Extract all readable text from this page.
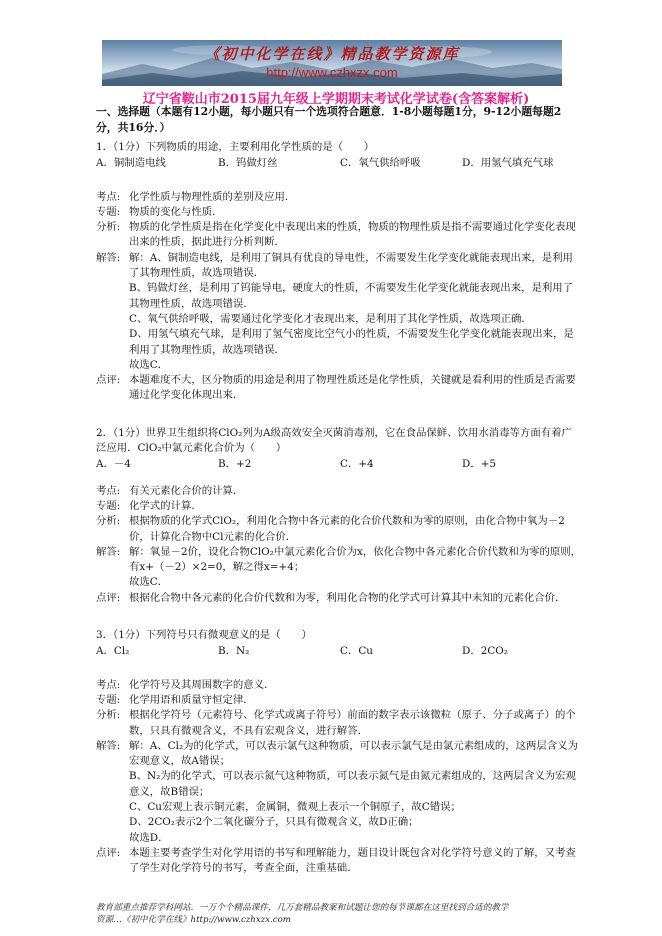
《初中化学在线》精品教学资源库
http://www.czhxzx.com
辽宁省鞍山市2015届九年级上学期期末考试化学试卷(含答案解析)
一、选择题（本题有12小题，每小题只有一个选项符合题意．1-8小题每题1分，9-12小题每题2分，共16分．）
1．（1分）下列物质的用途，主要利用化学性质的是（　　）
A．铜制造电线	B．钨做灯丝	C．氧气供给呼吸	D．用氢气填充气球
考点: 化学性质与物理性质的差别及应用．
专题: 物质的变化与性质．
分析: 物质的化学性质是指在化学变化中表现出来的性质，物质的物理性质是指不需要通过化学变化表现出来的性质，据此进行分析判断．
解答: 解：A、铜制造电线，是利用了铜具有优良的导电性，不需要发生化学变化就能表现出来，是利用了其物理性质，故选项错误．
B、钨做灯丝，是利用了钨能导电，硬度大的性质，不需要发生化学变化就能表现出来，是利用了其物理性质，故选项错误．
C、氧气供给呼吸，需要通过化学变化才表现出来，是利用了其化学性质，故选项正确．
D、用氢气填充气球，是利用了氢气密度比空气小的性质，不需要发生化学变化就能表现出来，是利用了其物理性质，故选项错误．
故选C．
点评: 本题难度不大，区分物质的用途是利用了物理性质还是化学性质，关键就是看利用的性质是否需要通过化学变化体现出来．
2．（1分）世界卫生组织将ClO₂列为A级高效安全灭菌消毒剂，它在食品保鲜、饮用水消毒等方面有着广泛应用．ClO₂中氯元素化合价为（　　）
A．－4	B．+2	C．+4	D．+5
考点: 有关元素化合价的计算．
专题: 化学式的计算．
分析: 根据物质的化学式ClO₂，利用化合物中各元素的化合价代数和为零的原则，由化合物中氧为－2价，计算化合物中Cl元素的化合价．
解答: 解：氧显－2价，设化合物ClO₂中氯元素化合价为x，依化合物中各元素化合价代数和为零的原则，有x+（－2）×2=0，解之得x=+4；
故选C．
点评: 根据化合物中各元素的化合价代数和为零，利用化合物的化学式可计算其中未知的元素化合价．
3．（1分）下列符号只有微观意义的是（　　）
A．Cl₂	B．N₂	C．Cu	D．2CO₂
考点: 化学符号及其周围数字的意义．
专题: 化学用语和质量守恒定律．
分析: 根据化学符号（元素符号、化学式或离子符号）前面的数字表示该微粒（原子、分子或离子）的个数，只具有微观含义，不具有宏观含义，进行解答．
解答: 解：A、Cl₂为的化学式，可以表示氯气这种物质，可以表示氯气是由氯元素组成的，这两层含义为宏观意义，故A错误；
B、N₂为的化学式，可以表示氮气这种物质，可以表示氮气是由氮元素组成的，这两层含义为宏观意义，故B错误；
C、Cu宏观上表示铜元素，金属铜，微观上表示一个铜原子，故C错误；
D、2CO₂表示2个二氧化碳分子，只具有微观含义，故D正确；
故选D．
点评: 本题主要考查学生对化学用语的书写和理解能力，题目设计既包含对化学符号意义的了解，又考查了学生对化学符号的书写，考查全面，注重基础．
教育部重点推荐学科网站．一万个个精品课件，几万套精品教案和试题让您的每节课都在这里找到合适的教学
资源…《初中化学在线》http://www.czhxzx.com
